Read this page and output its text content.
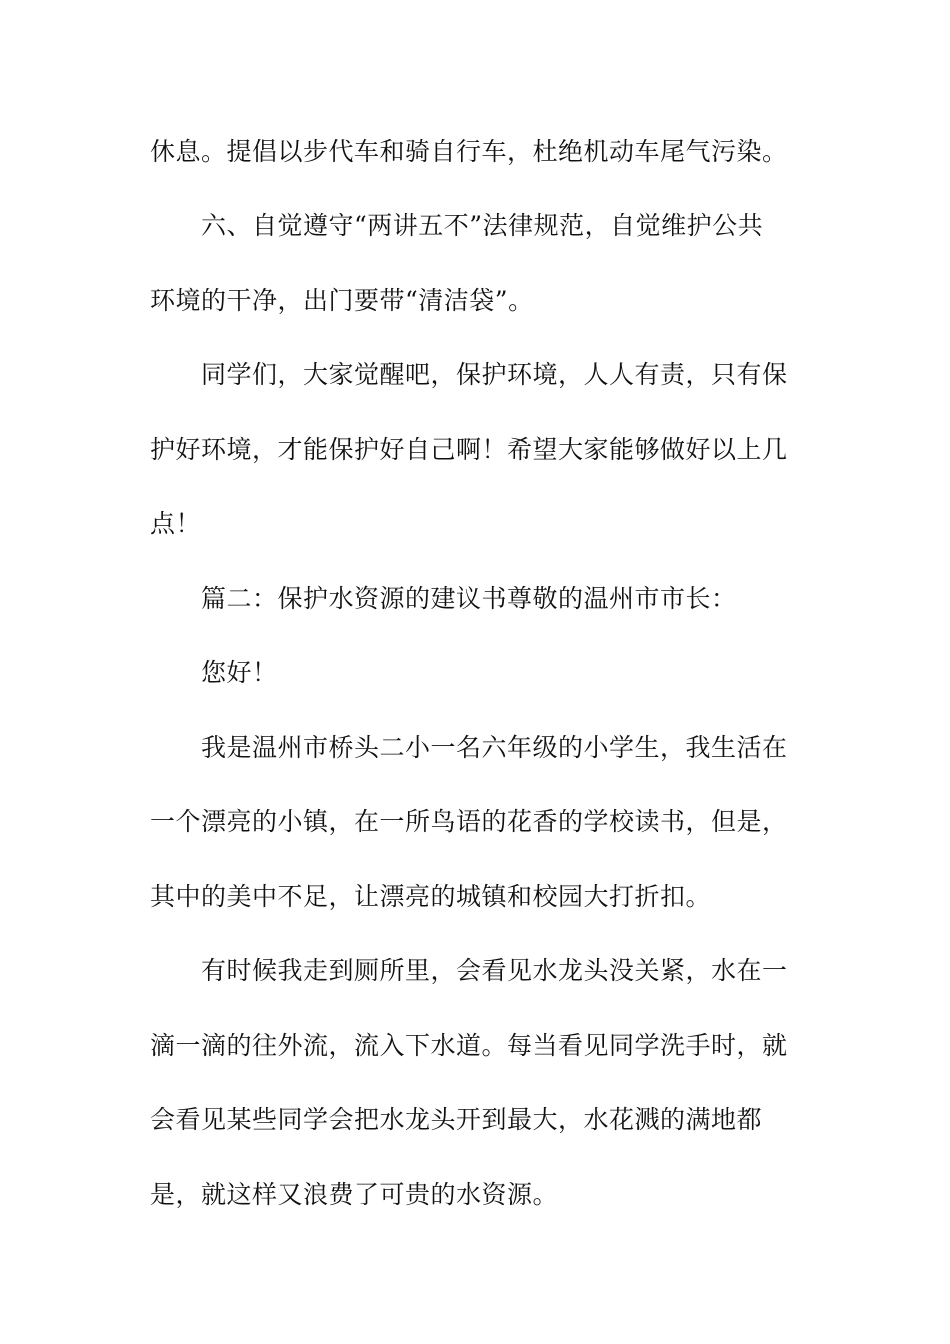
休息。提倡以步代车和骑自行车，杜绝机动车尾气污染。
六、自觉遵守“两讲五不”法律规范，自觉维护公共
环境的干净，出门要带“清洁袋”。
同学们，大家觉醒吧，保护环境，人人有责，只有保
护好环境，才能保护好自己啊！希望大家能够做好以上几
点！
篇二：保护水资源的建议书尊敬的温州市市长：
您好！
我是温州市桥头二小一名六年级的小学生，我生活在
一个漂亮的小镇，在一所鸟语的花香的学校读书，但是，
其中的美中不足，让漂亮的城镇和校园大打折扣。
有时候我走到厕所里，会看见水龙头没关紧，水在一
滴一滴的往外流，流入下水道。每当看见同学洗手时，就
会看见某些同学会把水龙头开到最大，水花溅的满地都
是，就这样又浪费了可贵的水资源。
